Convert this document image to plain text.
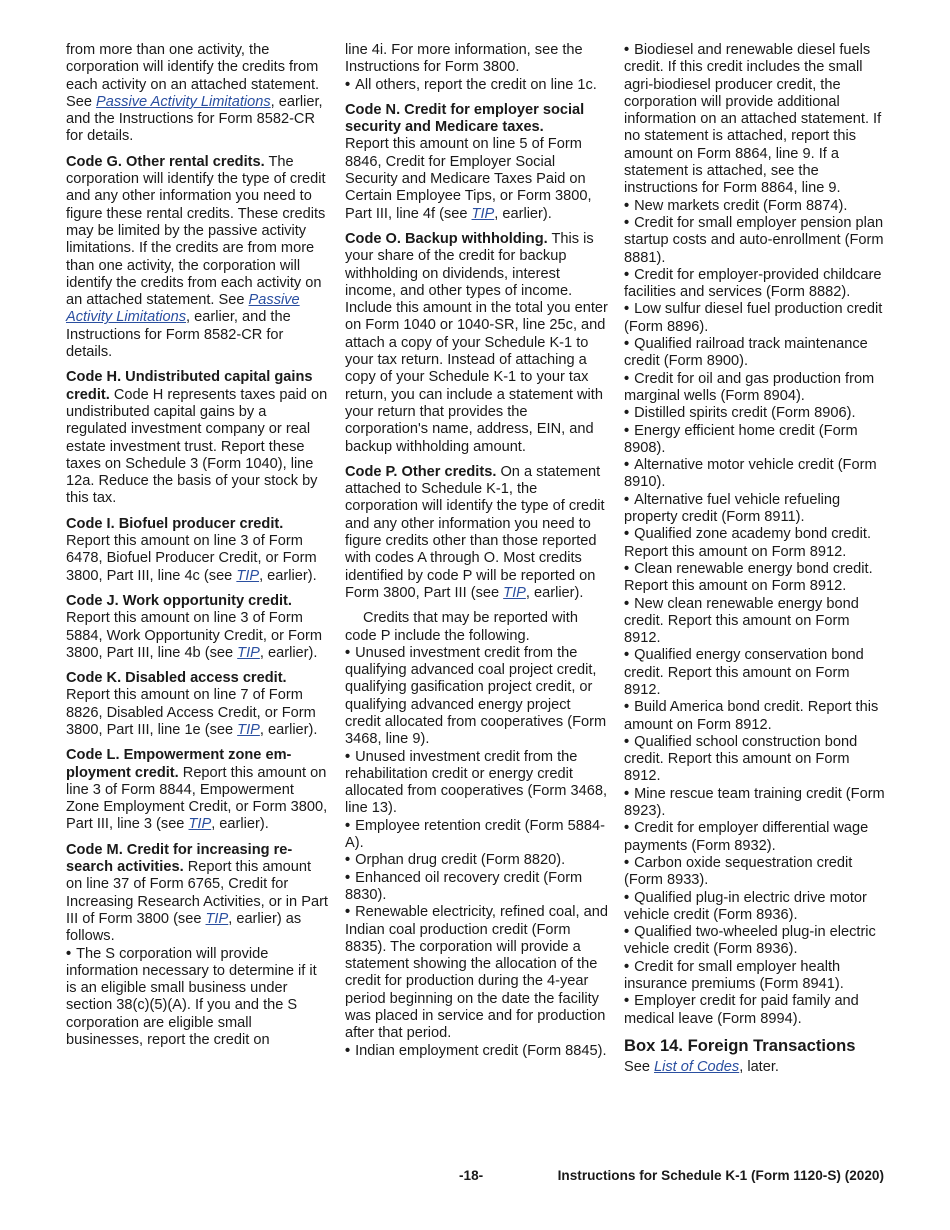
from more than one activity, the corporation will identify the credits from each activity on an attached statement. See Passive Activity Limitations, earlier, and the Instructions for Form 8582-CR for details.

Code G. Other rental credits. The corporation will identify the type of credit and any other information you need to figure these rental credits. These credits may be limited by the passive activity limitations. If the credits are from more than one activity, the corporation will identify the credits from each activity on an attached statement. See Passive Activity Limitations, earlier, and the Instructions for Form 8582-CR for details.

Code H. Undistributed capital gains credit. Code H represents taxes paid on undistributed capital gains by a regulated investment company or real estate investment trust. Report these taxes on Schedule 3 (Form 1040), line 12a. Reduce the basis of your stock by this tax.

Code I. Biofuel producer credit.
Report this amount on line 3 of Form 6478, Biofuel Producer Credit, or Form 3800, Part III, line 4c (see TIP, earlier).

Code J. Work opportunity credit.
Report this amount on line 3 of Form 5884, Work Opportunity Credit, or Form 3800, Part III, line 4b (see TIP, earlier).

Code K. Disabled access credit.
Report this amount on line 7 of Form 8826, Disabled Access Credit, or Form 3800, Part III, line 1e (see TIP, earlier).

Code L. Empowerment zone em-ployment credit. Report this amount on line 3 of Form 8844, Empowerment Zone Employment Credit, or Form 3800, Part III, line 3 (see TIP, earlier).

Code M. Credit for increasing re-search activities. Report this amount on line 37 of Form 6765, Credit for Increasing Research Activities, or in Part III of Form 3800 (see TIP, earlier) as follows.

• The S corporation will provide information necessary to determine if it is an eligible small business under section 38(c)(5)(A). If you and the S corporation are eligible small businesses, report the credit on
line 4i. For more information, see the Instructions for Form 3800.
• All others, report the credit on line 1c.

Code N. Credit for employer social security and Medicare taxes.
Report this amount on line 5 of Form 8846, Credit for Employer Social Security and Medicare Taxes Paid on Certain Employee Tips, or Form 3800, Part III, line 4f (see TIP, earlier).

Code O. Backup withholding. This is your share of the credit for backup withholding on dividends, interest income, and other types of income. Include this amount in the total you enter on Form 1040 or 1040-SR, line 25c, and attach a copy of your Schedule K-1 to your tax return. Instead of attaching a copy of your Schedule K-1 to your tax return, you can include a statement with your return that provides the corporation's name, address, EIN, and backup withholding amount.

Code P. Other credits. On a statement attached to Schedule K-1, the corporation will identify the type of credit and any other information you need to figure credits other than those reported with codes A through O. Most credits identified by code P will be reported on Form 3800, Part III (see TIP, earlier).

Credits that may be reported with code P include the following.

• Unused investment credit from the qualifying advanced coal project credit, qualifying gasification project credit, or qualifying advanced energy project credit allocated from cooperatives (Form 3468, line 9).
• Unused investment credit from the rehabilitation credit or energy credit allocated from cooperatives (Form 3468, line 13).
• Employee retention credit (Form 5884-A).
• Orphan drug credit (Form 8820).
• Enhanced oil recovery credit (Form 8830).
• Renewable electricity, refined coal, and Indian coal production credit (Form 8835). The corporation will provide a statement showing the allocation of the credit for production during the 4-year period beginning on the date the facility was placed in service and for production after that period.
• Indian employment credit (Form 8845).
• Biodiesel and renewable diesel fuels credit. If this credit includes the small agri-biodiesel producer credit, the corporation will provide additional information on an attached statement. If no statement is attached, report this amount on Form 8864, line 9. If a statement is attached, see the instructions for Form 8864, line 9.
• New markets credit (Form 8874).
• Credit for small employer pension plan startup costs and auto-enrollment (Form 8881).
• Credit for employer-provided childcare facilities and services (Form 8882).
• Low sulfur diesel fuel production credit (Form 8896).
• Qualified railroad track maintenance credit (Form 8900).
• Credit for oil and gas production from marginal wells (Form 8904).
• Distilled spirits credit (Form 8906).
• Energy efficient home credit (Form 8908).
• Alternative motor vehicle credit (Form 8910).
• Alternative fuel vehicle refueling property credit (Form 8911).
• Qualified zone academy bond credit. Report this amount on Form 8912.
• Clean renewable energy bond credit. Report this amount on Form 8912.
• New clean renewable energy bond credit. Report this amount on Form 8912.
• Qualified energy conservation bond credit. Report this amount on Form 8912.
• Build America bond credit. Report this amount on Form 8912.
• Qualified school construction bond credit. Report this amount on Form 8912.
• Mine rescue team training credit (Form 8923).
• Credit for employer differential wage payments (Form 8932).
• Carbon oxide sequestration credit (Form 8933).
• Qualified plug-in electric drive motor vehicle credit (Form 8936).
• Qualified two-wheeled plug-in electric vehicle credit (Form 8936).
• Credit for small employer health insurance premiums (Form 8941).
• Employer credit for paid family and medical leave (Form 8994).
Box 14. Foreign Transactions

See List of Codes, later.

-18-	Instructions for Schedule K-1 (Form 1120-S) (2020)
